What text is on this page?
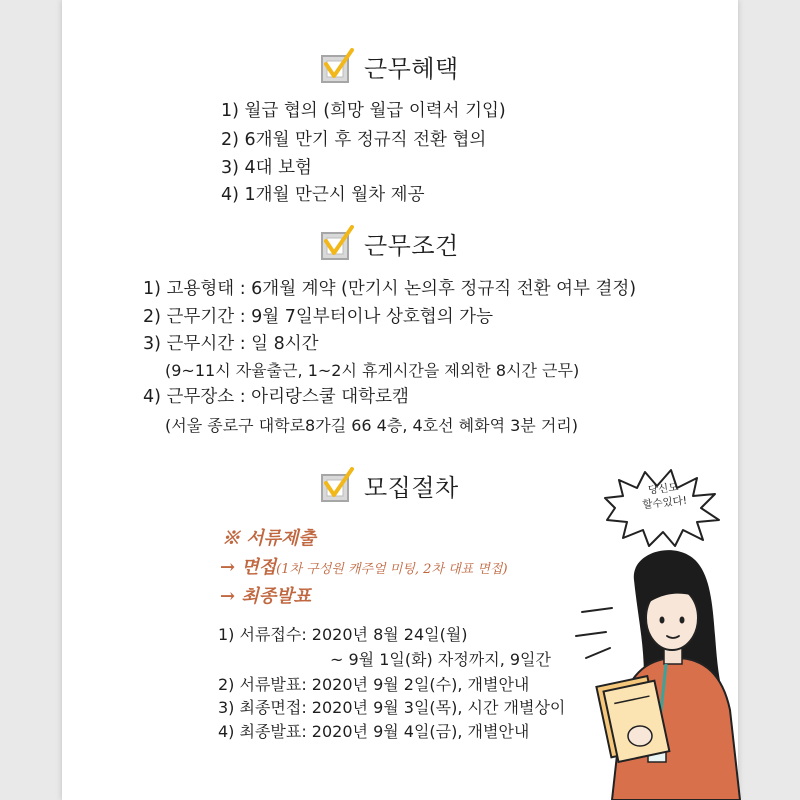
근무혜택
1) 월급 협의 (희망 월급 이력서 기입)
2) 6개월 만기 후 정규직 전환 협의
3) 4대 보험
4) 1개월 만근시 월차 제공
근무조건
1) 고용형태 : 6개월 계약 (만기시 논의후 정규직 전환 여부 결정)
2) 근무기간 : 9월 7일부터이나 상호협의 가능
3) 근무시간 : 일 8시간
(9~11시 자율출근, 1~2시 휴게시간을 제외한 8시간 근무)
4) 근무장소 : 아리랑스쿨 대학로캠
(서울 종로구 대학로8가길 66 4층, 4호선 혜화역 3분 거리)
모집절차
※ 서류제출
→ 면접(1차 구성원 캐주얼 미팅, 2차 대표 면접)
→ 최종발표
1) 서류접수: 2020년 8월 24일(월)
~ 9월 1일(화) 자정까지, 9일간
2) 서류발표: 2020년 9월 2일(수), 개별안내
3) 최종면접: 2020년 9월 3일(목), 시간 개별상이
4) 최종발표: 2020년 9월 4일(금), 개별안내
당신도
할수있다!
